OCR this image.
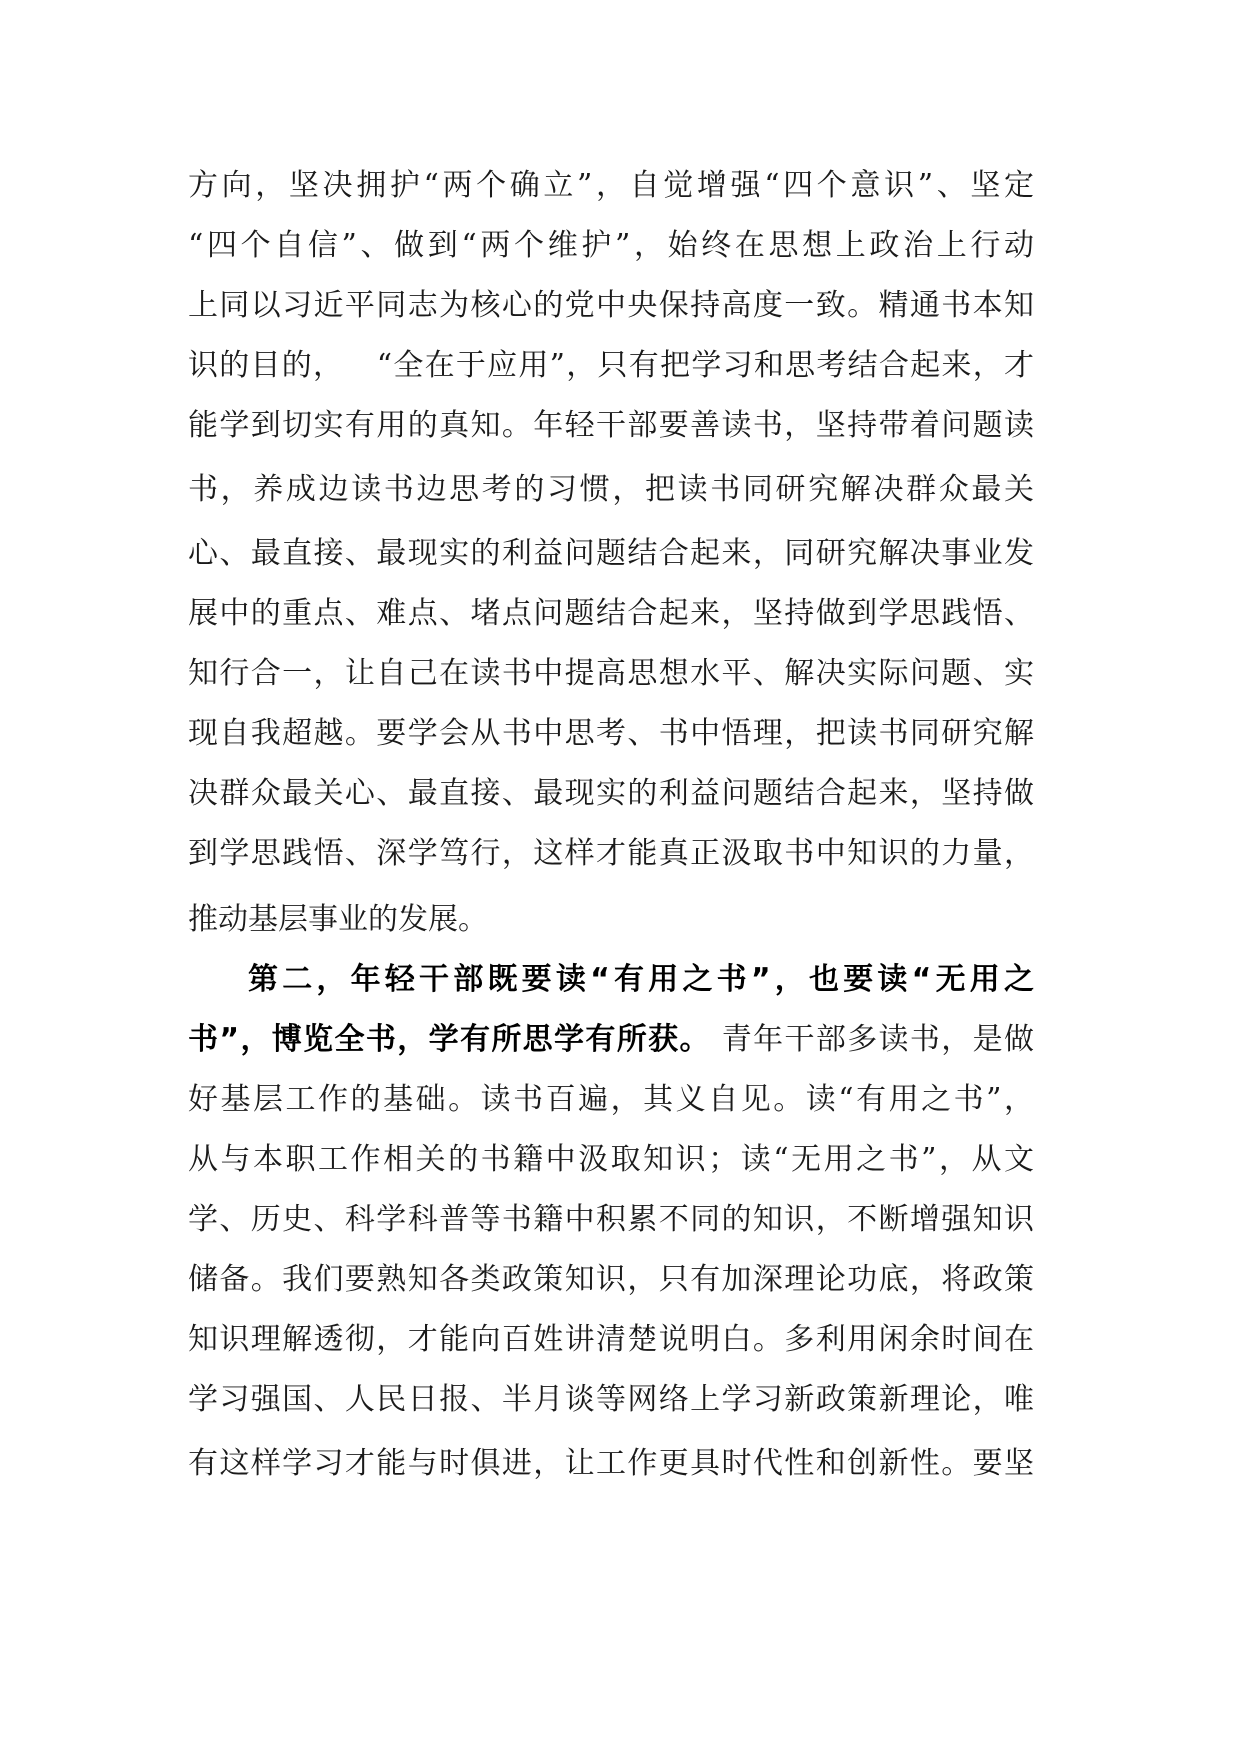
方向，坚决拥护“两个确立”，自觉增强“四个意识”、坚定
“四个自信”、做到“两个维护”，始终在思想上政治上行动
上同以习近平同志为核心的党中央保持高度一致。精通书本知
识的目的，   “全在于应用”，只有把学习和思考结合起来，才
能学到切实有用的真知。年轻干部要善读书，坚持带着问题读
书，养成边读书边思考的习惯，把读书同研究解决群众最关
心、最直接、最现实的利益问题结合起来，同研究解决事业发
展中的重点、难点、堵点问题结合起来，坚持做到学思践悟、
知行合一，让自己在读书中提高思想水平、解决实际问题、实
现自我超越。要学会从书中思考、书中悟理，把读书同研究解
决群众最关心、最直接、最现实的利益问题结合起来，坚持做
到学思践悟、深学笃行，这样才能真正汲取书中知识的力量，
推动基层事业的发展。
第二，年轻干部既要读“有用之书”，也要读“无用之
书”，博览全书，学有所思学有所获。 青年干部多读书，是做
好基层工作的基础。读书百遍，其义自见。读“有用之书”，
从与本职工作相关的书籍中汲取知识；读“无用之书”，从文
学、历史、科学科普等书籍中积累不同的知识，不断增强知识
储备。我们要熟知各类政策知识，只有加深理论功底，将政策
知识理解透彻，才能向百姓讲清楚说明白。多利用闲余时间在
学习强国、人民日报、半月谈等网络上学习新政策新理论，唯
有这样学习才能与时俱进，让工作更具时代性和创新性。要坚
